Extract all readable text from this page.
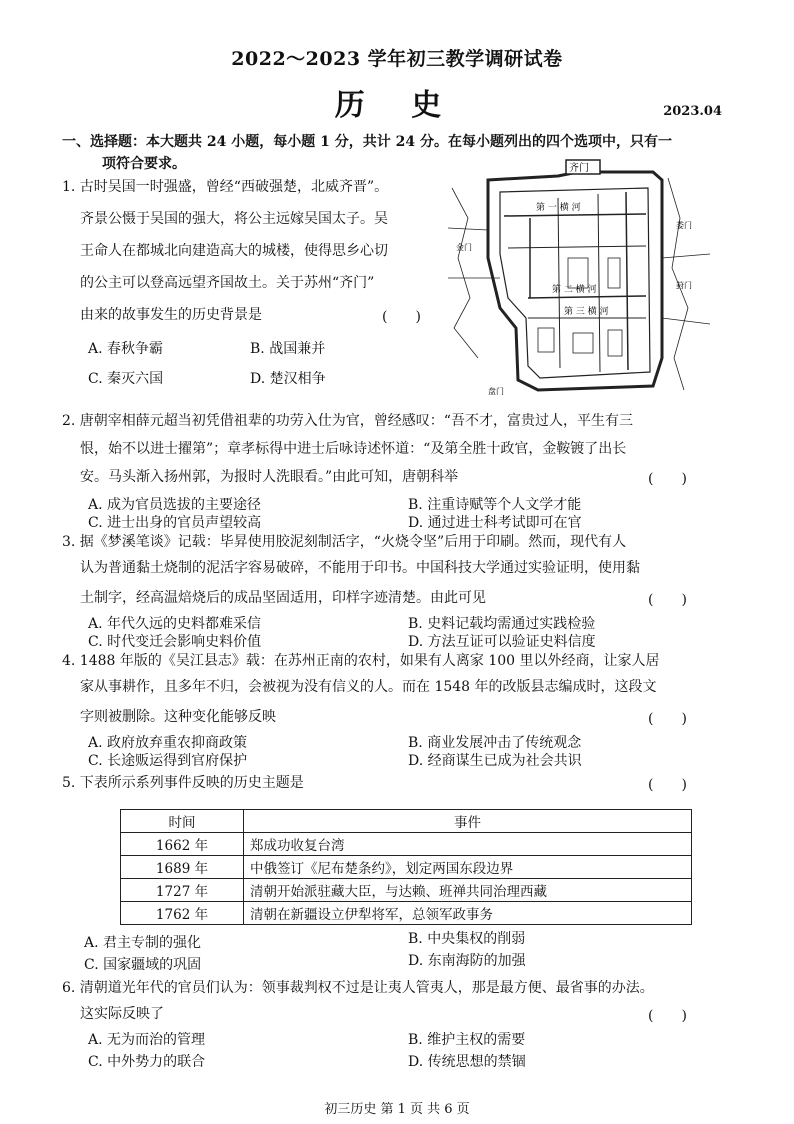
2022～2023 学年初三教学调研试卷
历 史	2023.04
一、选择题：本大题共 24 小题，每小题 1 分，共计 24 分。在每小题列出的四个选项中，只有一
项符合要求。
1. 古时吴国一时强盛，曾经“西破强楚，北威齐晋”。
齐景公慑于吴国的强大，将公主远嫁吴国太子。吴
王命人在都城北向建造高大的城楼，使得思乡心切
的公主可以登高远望齐国故土。关于苏州“齐门”
由来的故事发生的历史背景是	(　　)
A. 春秋争霸	B. 战国兼并
C. 秦灭六国	D. 楚汉相争
齐门
第 一 横 河
第 二 横 河
第 三 横 河
金门
葑门
娄门
盘门
2. 唐朝宰相薛元超当初凭借祖辈的功劳入仕为官，曾经感叹：“吾不才，富贵过人，平生有三
恨，始不以进士擢第”；章孝标得中进士后咏诗述怀道：“及第全胜十政官，金鞍镀了出长
安。马头渐入扬州郭，为报时人洗眼看。”由此可知，唐朝科举	(　　)
A. 成为官员选拔的主要途径	B. 注重诗赋等个人文学才能
C. 进士出身的官员声望较高	D. 通过进士科考试即可在官
3. 据《梦溪笔谈》记载：毕昇使用胶泥刻制活字，“火烧令坚”后用于印刷。然而，现代有人
认为普通黏土烧制的泥活字容易破碎，不能用于印书。中国科技大学通过实验证明，使用黏
土制字，经高温焙烧后的成品坚固适用，印样字迹清楚。由此可见	(　　)
A. 年代久远的史料都难采信	B. 史料记载均需通过实践检验
C. 时代变迁会影响史料价值	D. 方法互证可以验证史料信度
4. 1488 年版的《吴江县志》载：在苏州正南的农村，如果有人离家 100 里以外经商，让家人居
家从事耕作，且多年不归，会被视为没有信义的人。而在 1548 年的改版县志编成时，这段文
字则被删除。这种变化能够反映	(　　)
A. 政府放弃重农抑商政策	B. 商业发展冲击了传统观念
C. 长途贩运得到官府保护	D. 经商谋生已成为社会共识
5. 下表所示系列事件反映的历史主题是	(　　)
时间	事件
1662 年	郑成功收复台湾
1689 年	中俄签订《尼布楚条约》，划定两国东段边界
1727 年	清朝开始派驻藏大臣，与达赖、班禅共同治理西藏
1762 年	清朝在新疆设立伊犁将军，总领军政事务
A. 君主专制的强化	B. 中央集权的削弱
C. 国家疆域的巩固	D. 东南海防的加强
6. 清朝道光年代的官员们认为：领事裁判权不过是让夷人管夷人，那是最方便、最省事的办法。
这实际反映了	(　　)
A. 无为而治的管理	B. 维护主权的需要
C. 中外势力的联合	D. 传统思想的禁锢
初三历史 第 1 页 共 6 页
